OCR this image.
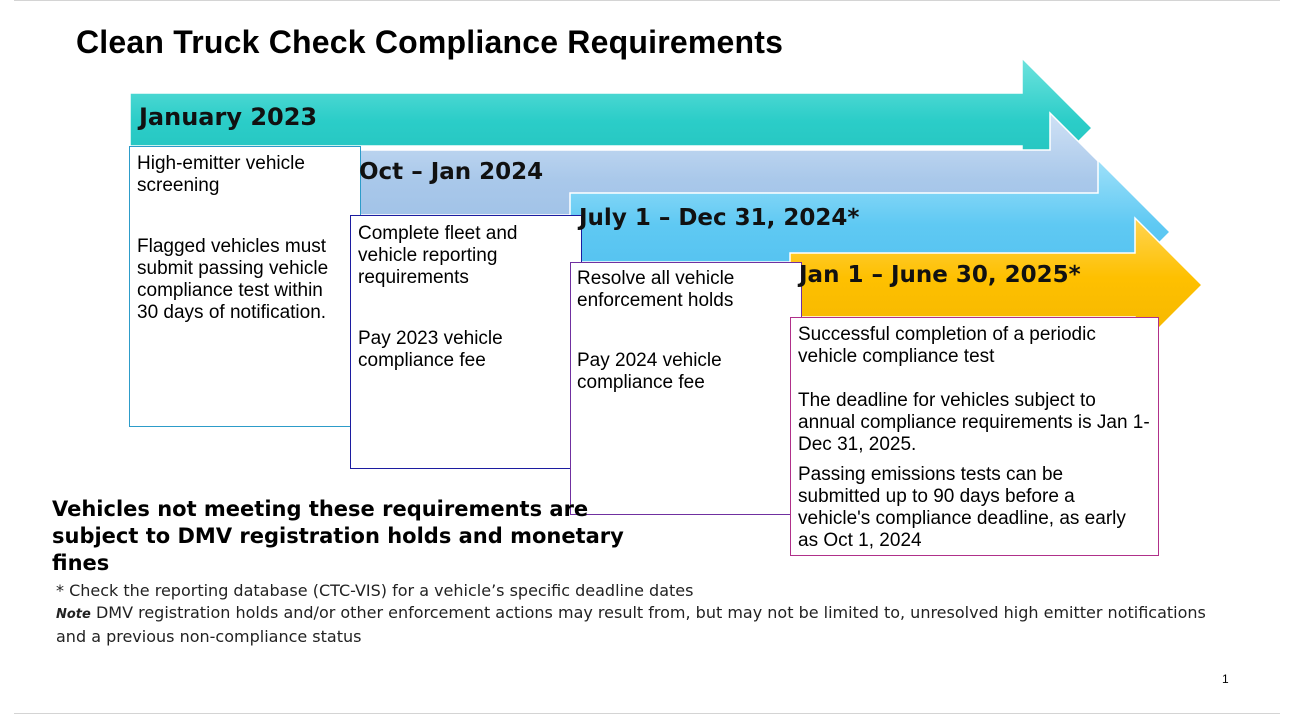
Clean Truck Check Compliance Requirements
January 2023

High-emitter vehicle screening

Flagged vehicles must submit passing vehicle compliance test within 30 days of notification.

Oct – Jan 2024

Complete fleet and vehicle reporting requirements

Pay 2023 vehicle compliance fee

July 1 – Dec 31, 2024*

Resolve all vehicle enforcement holds

Pay 2024 vehicle compliance fee

Jan 1 – June 30, 2025*

Successful completion of a periodic vehicle compliance test

The deadline for vehicles subject to annual compliance requirements is Jan 1-Dec 31, 2025.

Passing emissions tests can be submitted up to 90 days before a vehicle's compliance deadline, as early as Oct 1, 2024

Vehicles not meeting these requirements are subject to DMV registration holds and monetary fines
* Check the reporting database (CTC-VIS) for a vehicle’s specific deadline dates
Note DMV registration holds and/or other enforcement actions may result from, but may not be limited to, unresolved high emitter notifications and a previous non-compliance status
1
